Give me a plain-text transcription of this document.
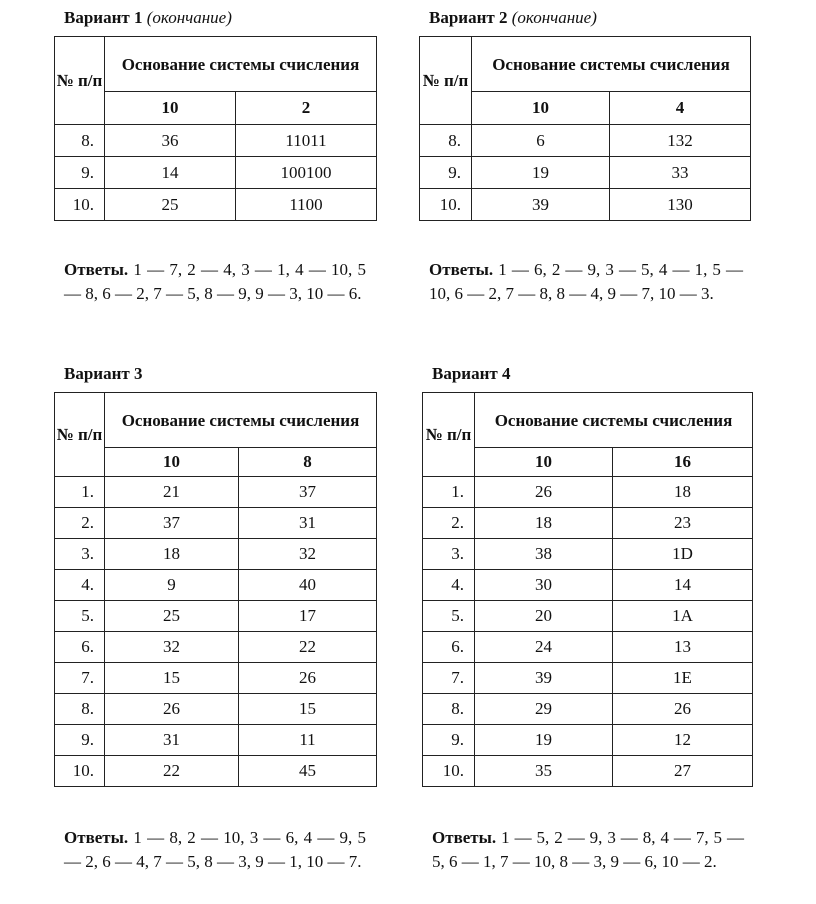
Вариант 1 (окончание)
№ п/п	Основание системы счисления	
	10	2
8.	36	11011
9.	14	100100
10.	25	1100
Ответы. 1 — 7, 2 — 4, 3 — 1, 4 — 10, 5 — 8, 6 — 2, 7 — 5, 8 — 9, 9 — 3, 10 — 6.
Вариант 2 (окончание)
№ п/п	Основание системы счисления	
	10	4
8.	6	132
9.	19	33
10.	39	130
Ответы. 1 — 6, 2 — 9, 3 — 5, 4 — 1, 5 — 10, 6 — 2, 7 — 8, 8 — 4, 9 — 7, 10 — 3.
Вариант 3
№ п/п	Основание системы счисления	
	10	8
1.	21	37
2.	37	31
3.	18	32
4.	9	40
5.	25	17
6.	32	22
7.	15	26
8.	26	15
9.	31	11
10.	22	45
Ответы. 1 — 8, 2 — 10, 3 — 6, 4 — 9, 5 — 2, 6 — 4, 7 — 5, 8 — 3, 9 — 1, 10 — 7.
Вариант 4
№ п/п	Основание системы счисления	
	10	16
1.	26	18
2.	18	23
3.	38	1D
4.	30	14
5.	20	1A
6.	24	13
7.	39	1E
8.	29	26
9.	19	12
10.	35	27
Ответы. 1 — 5, 2 — 9, 3 — 8, 4 — 7, 5 — 5, 6 — 1, 7 — 10, 8 — 3, 9 — 6, 10 — 2.
